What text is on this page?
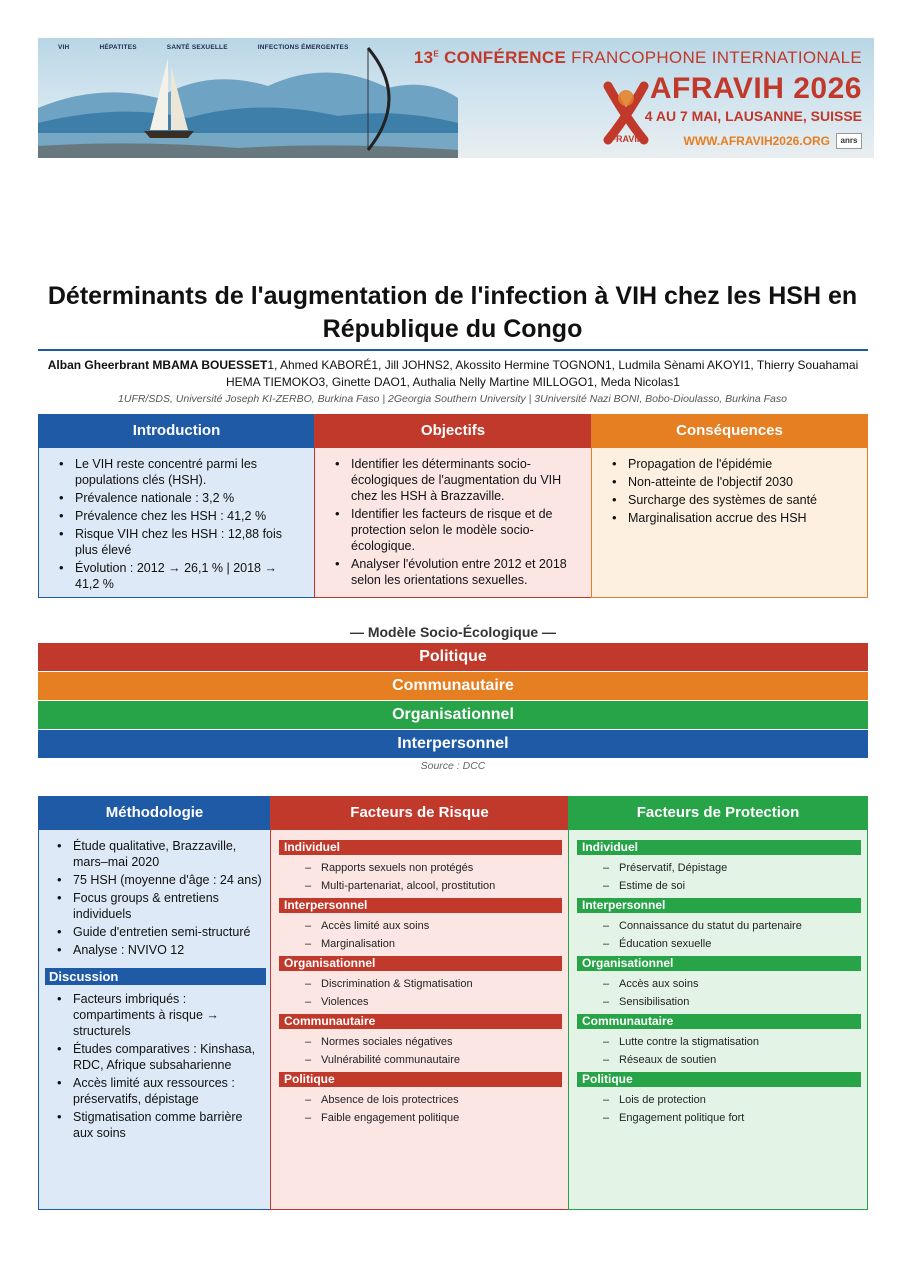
VIH	HÉPATITES	SANTÉ SEXUELLE	INFECTIONS ÉMERGENTES
$13^E$ CONFÉRENCE FRANCOPHONE INTERNATIONALE
AFRAVIH 2026
4 AU 7 MAI, LAUSANNE, SUISSE
WWW.AFRAVIH2026.ORG	anrs
AFRAVIH
Déterminants de l'augmentation de l'infection à VIH chez les HSH en République du Congo
Alban Gheerbrant MBAMA BOUESSET1, Ahmed KABORÉ1, Jill JOHNS2, Akossito Hermine TOGNON1, Ludmila Sènami AKOYI1, Thierry Souahamai HEMA TIEMOKO3, Ginette DAO1, Authalia Nelly Martine MILLOGO1, Meda Nicolas1
1UFR/SDS, Université Joseph KI-ZERBO, Burkina Faso | 2Georgia Southern University | 3Université Nazi BONI, Bobo-Dioulasso, Burkina Faso
Introduction
• Le VIH reste concentré parmi les populations clés (HSH).
• Prévalence nationale : 3,2 %
• Prévalence chez les HSH : 41,2 %
• Risque VIH chez les HSH : 12,88 fois plus élevé
• Évolution : 2012 → 26,1 % | 2018 → 41,2 %
Objectifs
• Identifier les déterminants socio-écologiques de l'augmentation du VIH chez les HSH à Brazzaville.
• Identifier les facteurs de risque et de protection selon le modèle socio-écologique.
• Analyser l'évolution entre 2012 et 2018 selon les orientations sexuelles.
Conséquences
• Propagation de l'épidémie
• Non-atteinte de l'objectif 2030
• Surcharge des systèmes de santé
• Marginalisation accrue des HSH
— Modèle Socio-Écologique —
Politique
Communautaire
Organisationnel
Interpersonnel
Source : DCC
Méthodologie
• Étude qualitative, Brazzaville, mars–mai 2020
• 75 HSH (moyenne d'âge : 24 ans)
• Focus groups & entretiens individuels
• Guide d'entretien semi-structuré
• Analyse : NVIVO 12
Discussion
• Facteurs imbriqués : compartiments à risque → structurels
• Études comparatives : Kinshasa, RDC, Afrique subsaharienne
• Accès limité aux ressources : préservatifs, dépistage
• Stigmatisation comme barrière aux soins
Facteurs de Risque
Individuel
– Rapports sexuels non protégés
– Multi-partenariat, alcool, prostitution
Interpersonnel
– Accès limité aux soins
– Marginalisation
Organisationnel
– Discrimination & Stigmatisation
– Violences
Communautaire
– Normes sociales négatives
– Vulnérabilité communautaire
Politique
– Absence de lois protectrices
– Faible engagement politique
Facteurs de Protection
Individuel
– Préservatif, Dépistage
– Estime de soi
Interpersonnel
– Connaissance du statut du partenaire
– Éducation sexuelle
Organisationnel
– Accès aux soins
– Sensibilisation
Communautaire
– Lutte contre la stigmatisation
– Réseaux de soutien
Politique
– Lois de protection
– Engagement politique fort
